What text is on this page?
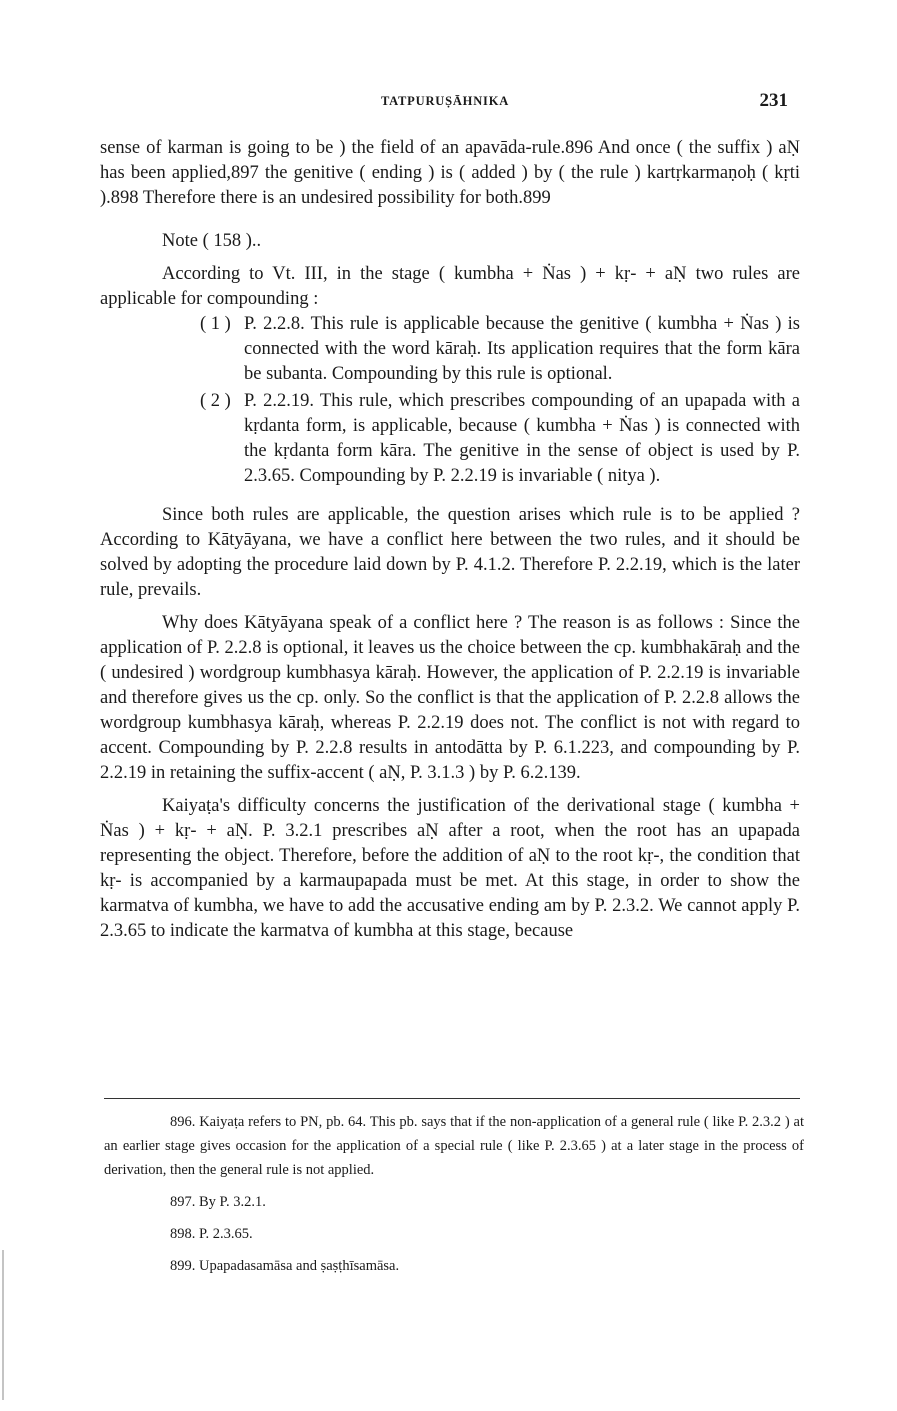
TATPURUṢĀHNIKA	231

sense of karman is going to be ) the field of an apavāda-rule.896 And once ( the suffix ) aṆ has been applied,897 the genitive ( ending ) is ( added ) by ( the rule ) kartṛkarmaṇoḥ ( kṛti ).898 Therefore there is an undesired possibility for both.899

Note ( 158 )..

According to Vt. III, in the stage ( kumbha + Ṅas ) + kṛ- + aṆ two rules are applicable for compounding :

( 1 ) P. 2.2.8. This rule is applicable because the genitive ( kumbha + Ṅas ) is connected with the word kāraḥ. Its application requires that the form kāra be subanta. Compounding by this rule is optional.

( 2 ) P. 2.2.19. This rule, which prescribes compounding of an upapada with a kṛdanta form, is applicable, because ( kumbha + Ṅas ) is connected with the kṛdanta form kāra. The genitive in the sense of object is used by P. 2.3.65. Compounding by P. 2.2.19 is invariable ( nitya ).

Since both rules are applicable, the question arises which rule is to be applied ? According to Kātyāyana, we have a conflict here between the two rules, and it should be solved by adopting the procedure laid down by P. 4.1.2. Therefore P. 2.2.19, which is the later rule, prevails.

Why does Kātyāyana speak of a conflict here ? The reason is as follows : Since the application of P. 2.2.8 is optional, it leaves us the choice between the cp. kumbhakāraḥ and the ( undesired ) wordgroup kumbhasya kāraḥ. However, the application of P. 2.2.19 is invariable and therefore gives us the cp. only. So the conflict is that the application of P. 2.2.8 allows the wordgroup kumbhasya kāraḥ, whereas P. 2.2.19 does not. The conflict is not with regard to accent. Compounding by P. 2.2.8 results in antodātta by P. 6.1.223, and compounding by P. 2.2.19 in retaining the suffix-accent ( aṆ, P. 3.1.3 ) by P. 6.2.139.

Kaiyaṭa's difficulty concerns the justification of the derivational stage ( kumbha + Ṅas ) + kṛ- + aṆ. P. 3.2.1 prescribes aṆ after a root, when the root has an upapada representing the object. Therefore, before the addition of aṆ to the root kṛ-, the condition that kṛ- is accompanied by a karmaupapada must be met. At this stage, in order to show the karmatva of kumbha, we have to add the accusative ending am by P. 2.3.2. We cannot apply P. 2.3.65 to indicate the karmatva of kumbha at this stage, because

896. Kaiyaṭa refers to PN, pb. 64. This pb. says that if the non-application of a general rule ( like P. 2.3.2 ) at an earlier stage gives occasion for the application of a special rule ( like P. 2.3.65 ) at a later stage in the process of derivation, then the general rule is not applied.

897. By P. 3.2.1.

898. P. 2.3.65.

899. Upapadasamāsa and ṣaṣṭhīsamāsa.
